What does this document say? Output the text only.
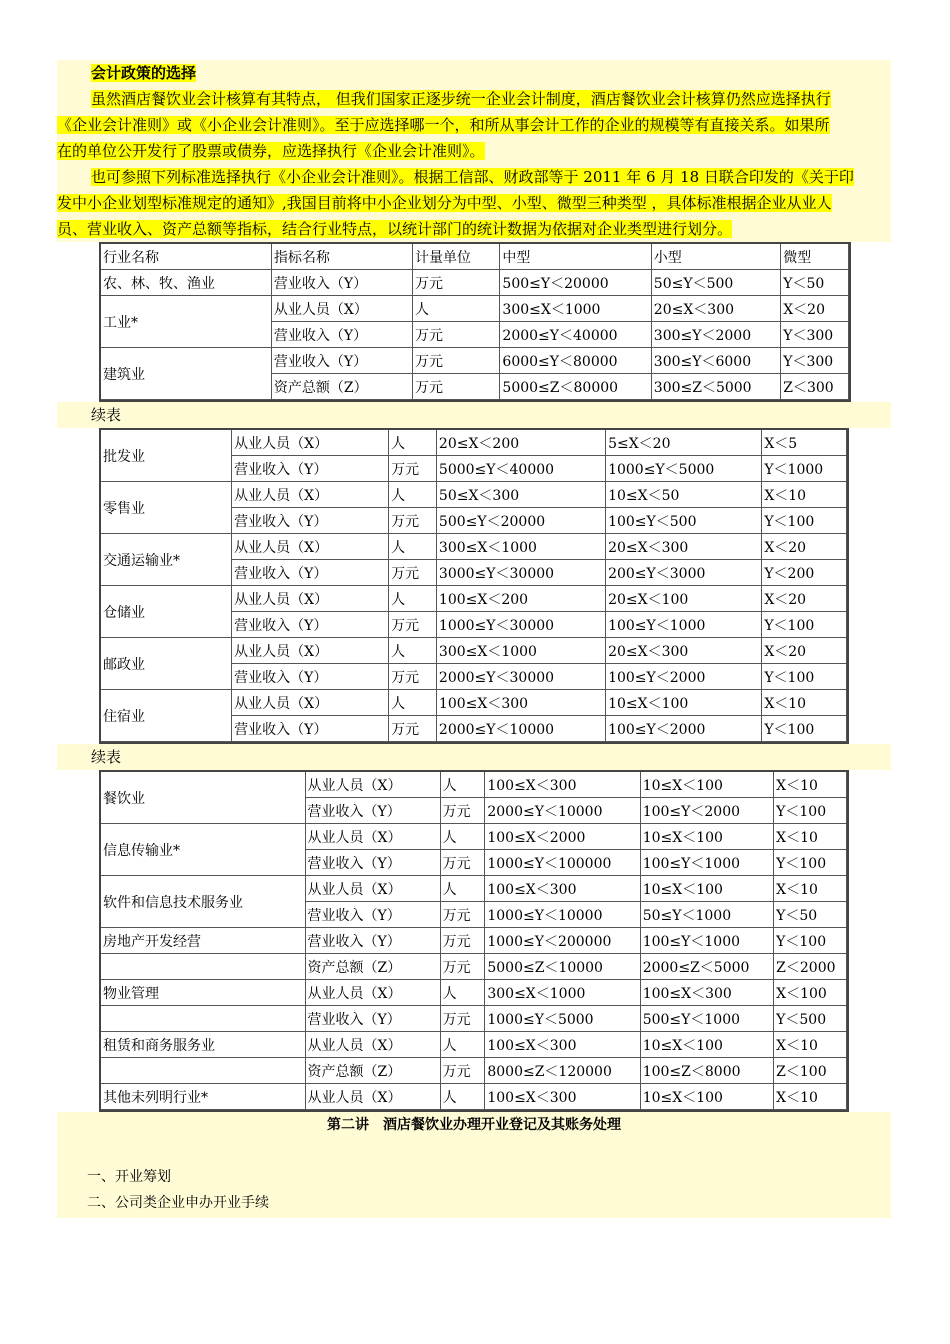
会计政策的选择
虽然酒店餐饮业会计核算有其特点， 但我们国家正逐步统一企业会计制度，酒店餐饮业会计核算仍然应选择执行
《企业会计准则》或《小企业会计准则》。至于应选择哪一个，和所从事会计工作的企业的规模等有直接关系。如果所
在的单位公开发行了股票或债券，应选择执行《企业会计准则》。
也可参照下列标准选择执行《小企业会计准则》。根据工信部、财政部等于 2011 年 6 月 18 日联合印发的《关于印
发中小企业划型标准规定的通知》,我国目前将中小企业划分为中型、小型、微型三种类型 ，具体标准根据企业从业人
员、营业收入、资产总额等指标，结合行业特点，以统计部门的统计数据为依据对企业类型进行划分。
行业名称	指标名称	计量单位	中型	小型	微型
农、林、牧、渔业	营业收入（Y）	万元	500≤Y＜20000	50≤Y＜500	Y＜50
工业*	从业人员（X）	人	300≤X＜1000	20≤X＜300	X＜20
	营业收入（Y）	万元	2000≤Y＜40000	300≤Y＜2000	Y＜300
建筑业	营业收入（Y）	万元	6000≤Y＜80000	300≤Y＜6000	Y＜300
	资产总额（Z）	万元	5000≤Z＜80000	300≤Z＜5000	Z＜300
续表
批发业	从业人员（X）	人	20≤X＜200	5≤X＜20	X＜5
	营业收入（Y）	万元	5000≤Y＜40000	1000≤Y＜5000	Y＜1000
零售业	从业人员（X）	人	50≤X＜300	10≤X＜50	X＜10
	营业收入（Y）	万元	500≤Y＜20000	100≤Y＜500	Y＜100
交通运输业*	从业人员（X）	人	300≤X＜1000	20≤X＜300	X＜20
	营业收入（Y）	万元	3000≤Y＜30000	200≤Y＜3000	Y＜200
仓储业	从业人员（X）	人	100≤X＜200	20≤X＜100	X＜20
	营业收入（Y）	万元	1000≤Y＜30000	100≤Y＜1000	Y＜100
邮政业	从业人员（X）	人	300≤X＜1000	20≤X＜300	X＜20
	营业收入（Y）	万元	2000≤Y＜30000	100≤Y＜2000	Y＜100
住宿业	从业人员（X）	人	100≤X＜300	10≤X＜100	X＜10
	营业收入（Y）	万元	2000≤Y＜10000	100≤Y＜2000	Y＜100
续表
餐饮业	从业人员（X）	人	100≤X＜300	10≤X＜100	X＜10
	营业收入（Y）	万元	2000≤Y＜10000	100≤Y＜2000	Y＜100
信息传输业*	从业人员（X）	人	100≤X＜2000	10≤X＜100	X＜10
	营业收入（Y）	万元	1000≤Y＜100000	100≤Y＜1000	Y＜100
软件和信息技术服务业	从业人员（X）	人	100≤X＜300	10≤X＜100	X＜10
	营业收入（Y）	万元	1000≤Y＜10000	50≤Y＜1000	Y＜50
房地产开发经营	营业收入（Y）	万元	1000≤Y＜200000	100≤Y＜1000	Y＜100
	资产总额（Z）	万元	5000≤Z＜10000	2000≤Z＜5000	Z＜2000
物业管理	从业人员（X）	人	300≤X＜1000	100≤X＜300	X＜100
	营业收入（Y）	万元	1000≤Y＜5000	500≤Y＜1000	Y＜500
租赁和商务服务业	从业人员（X）	人	100≤X＜300	10≤X＜100	X＜10
	资产总额（Z）	万元	8000≤Z＜120000	100≤Z＜8000	Z＜100
其他未列明行业*	从业人员（X）	人	100≤X＜300	10≤X＜100	X＜10
第二讲　酒店餐饮业办理开业登记及其账务处理
一、开业筹划
二、公司类企业申办开业手续
